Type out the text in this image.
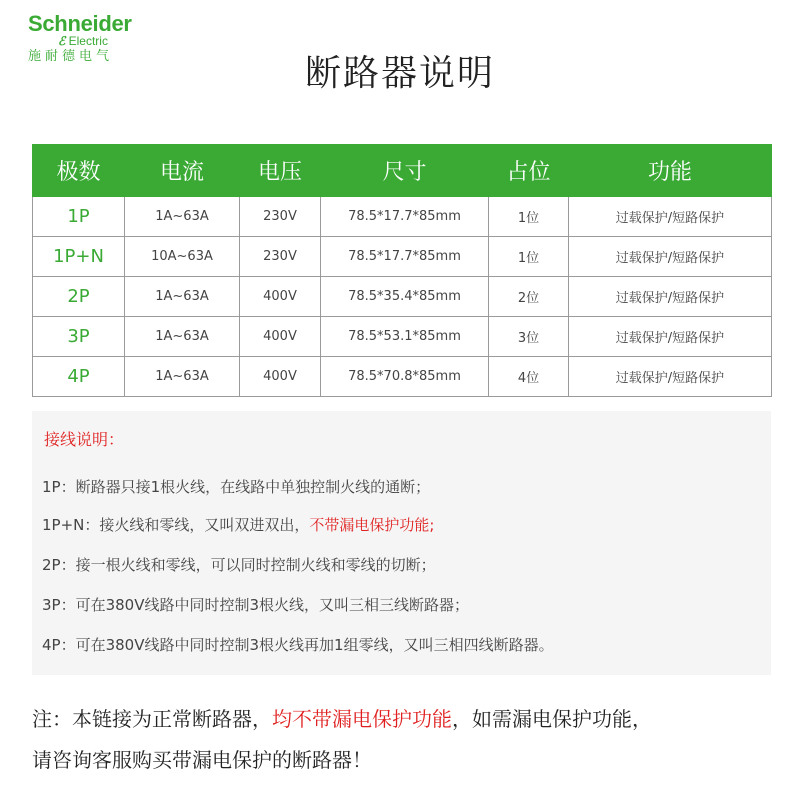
Schneider
ℰ Electric
施耐德电气	断路器说明
极数	电流	电压	尺寸	占位	功能
1P	1A~63A	230V	78.5*17.7*85mm	1位	过载保护/短路保护
1P+N	10A~63A	230V	78.5*17.7*85mm	1位	过载保护/短路保护
2P	1A~63A	400V	78.5*35.4*85mm	2位	过载保护/短路保护
3P	1A~63A	400V	78.5*53.1*85mm	3位	过载保护/短路保护
4P	1A~63A	400V	78.5*70.8*85mm	4位	过载保护/短路保护
接线说明：
1P：断路器只接1根火线，在线路中单独控制火线的通断；
1P+N：接火线和零线，又叫双进双出，不带漏电保护功能;
2P：接一根火线和零线，可以同时控制火线和零线的切断；
3P：可在380V线路中同时控制3根火线，又叫三相三线断路器；
4P：可在380V线路中同时控制3根火线再加1组零线，又叫三相四线断路器。
注：本链接为正常断路器，均不带漏电保护功能，如需漏电保护功能，
请咨询客服购买带漏电保护的断路器！
